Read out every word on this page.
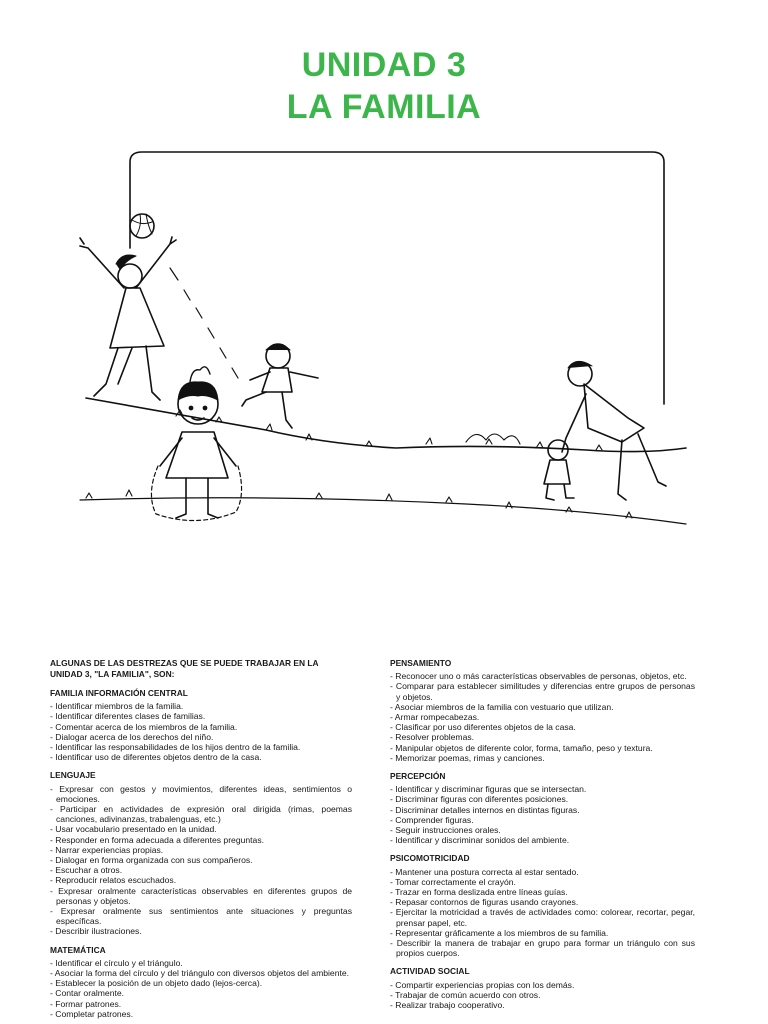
UNIDAD 3
LA FAMILIA
ALGUNAS DE LAS DESTREZAS QUE SE PUEDE TRABAJAR EN LA
UNIDAD 3, "LA FAMILIA", SON:
FAMILIA INFORMACIÓN CENTRAL
- Identificar miembros de la familia.
- Identificar diferentes clases de familias.
- Comentar acerca de los miembros de la familia.
- Dialogar acerca de los derechos del niño.
- Identificar las responsabilidades de los hijos dentro de la familia.
- Identificar uso de diferentes objetos dentro de la casa.
LENGUAJE
- Expresar con gestos y movimientos, diferentes ideas, sentimientos o emociones.
- Participar en actividades de expresión oral dirigida (rimas, poemas canciones, adivinanzas, trabalenguas, etc.)
- Usar vocabulario presentado en la unidad.
- Responder en forma adecuada a diferentes preguntas.
- Narrar experiencias propias.
- Dialogar en forma organizada con sus compañeros.
- Escuchar a otros.
- Reproducir relatos escuchados.
- Expresar oralmente características observables en diferentes grupos de personas y objetos.
- Expresar oralmente sus sentimientos ante situaciones y preguntas específicas.
- Describir ilustraciones.
MATEMÁTICA
- Identificar el círculo y el triángulo.
- Asociar la forma del círculo y del triángulo con diversos objetos del ambiente.
- Establecer la posición de un objeto dado (lejos-cerca).
- Contar oralmente.
- Formar patrones.
- Completar patrones.
PENSAMIENTO
- Reconocer uno o más características observables de personas, objetos, etc.
- Comparar para establecer similitudes y diferencias entre grupos de personas y objetos.
- Asociar miembros de la familia con vestuario que utilizan.
- Armar rompecabezas.
- Clasificar por uso diferentes objetos de la casa.
- Resolver problemas.
- Manipular objetos de diferente color, forma, tamaño, peso y textura.
- Memorizar poemas, rimas y canciones.
PERCEPCIÓN
- Identificar y discriminar figuras que se intersectan.
- Discriminar figuras con diferentes posiciones.
- Discriminar detalles internos en distintas figuras.
- Comprender figuras.
- Seguir instrucciones orales.
- Identificar y discriminar sonidos del ambiente.
PSICOMOTRICIDAD
- Mantener una postura correcta al estar sentado.
- Tomar correctamente el crayón.
- Trazar en forma deslizada entre líneas guías.
- Repasar contornos de figuras usando crayones.
- Ejercitar la motricidad a través de actividades como: colorear, recortar, pegar, prensar papel, etc.
- Representar gráficamente a los miembros de su familia.
- Describir la manera de trabajar en grupo para formar un triángulo con sus propios cuerpos.
ACTIVIDAD SOCIAL
- Compartir experiencias propias con los demás.
- Trabajar de común acuerdo con otros.
- Realizar trabajo cooperativo.
